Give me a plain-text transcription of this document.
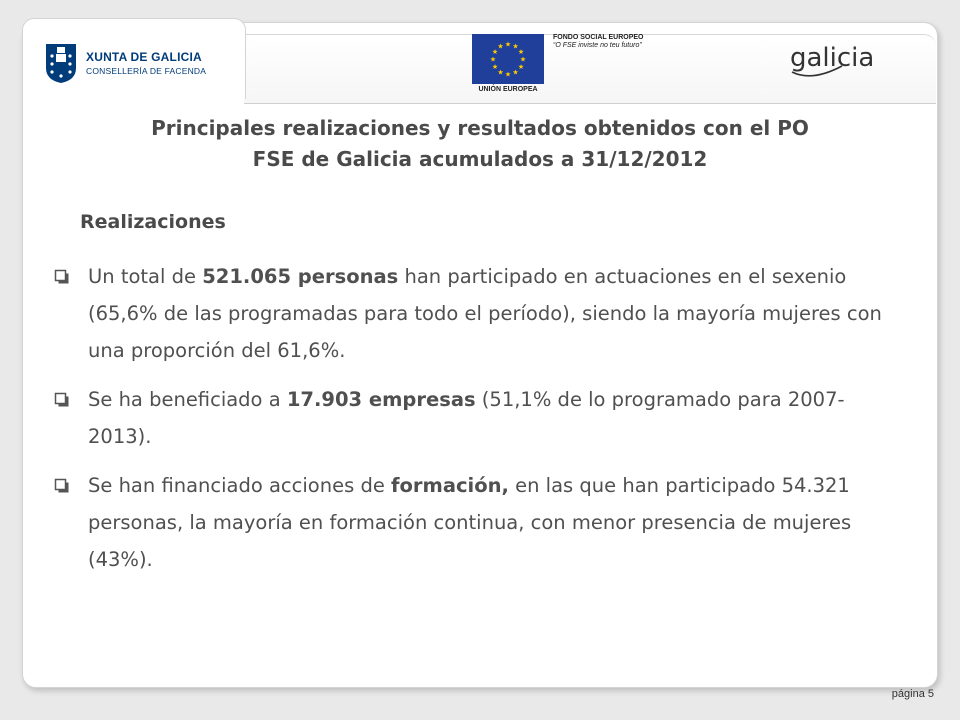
XUNTA DE GALICIA
CONSELLERÍA DE FACENDA
★ ★
★
★
★
★
★
★
★
★
★
★
UNIÓN EUROPEA
FONDO SOCIAL EUROPEO
“O FSE inviste no teu futuro”	galicia
Principales realizaciones y resultados obtenidos con el PO
FSE de Galicia acumulados a 31/12/2012
Realizaciones
Un total de 521.065 personas han participado en actuaciones en el sexenio (65,6% de las programadas para todo el período), siendo la mayoría mujeres con una proporción del 61,6%.
Se ha beneficiado a 17.903 empresas (51,1% de lo programado para 2007-2013).
Se han financiado acciones de formación, en las que han participado 54.321 personas, la mayoría en formación continua, con menor presencia de mujeres (43%).
página 5
